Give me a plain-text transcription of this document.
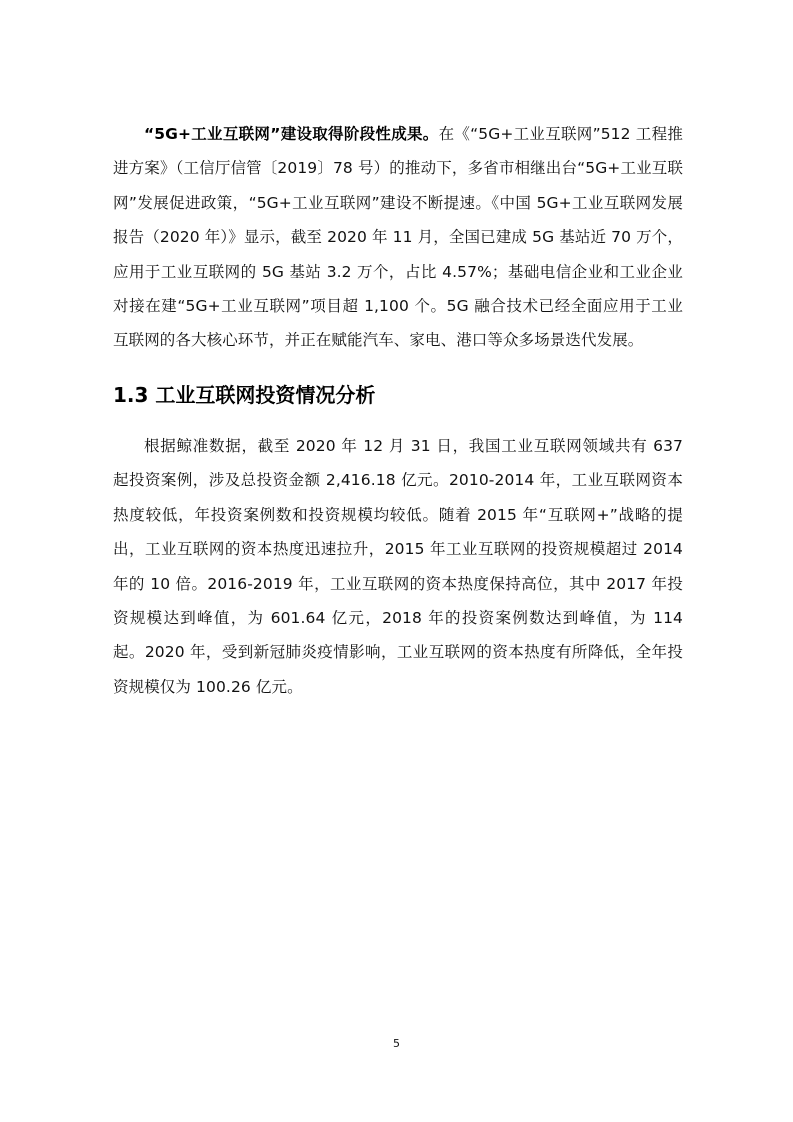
“5G+工业互联网”建设取得阶段性成果。在《“5G+工业互联网”512 工程推进方案》（工信厅信管〔2019〕78 号）的推动下，多省市相继出台“5G+工业互联网”发展促进政策，“5G+工业互联网”建设不断提速。《中国 5G+工业互联网发展报告（2020 年）》显示，截至 2020 年 11 月，全国已建成 5G 基站近 70 万个，应用于工业互联网的 5G 基站 3.2 万个，占比 4.57%；基础电信企业和工业企业对接在建“5G+工业互联网”项目超 1,100 个。5G 融合技术已经全面应用于工业互联网的各大核心环节，并正在赋能汽车、家电、港口等众多场景迭代发展。

1.3 工业互联网投资情况分析

根据鲸准数据，截至 2020 年 12 月 31 日，我国工业互联网领域共有 637 起投资案例，涉及总投资金额 2,416.18 亿元。2010-2014 年，工业互联网资本热度较低，年投资案例数和投资规模均较低。随着 2015 年“互联网+”战略的提出，工业互联网的资本热度迅速拉升，2015 年工业互联网的投资规模超过 2014 年的 10 倍。2016-2019 年，工业互联网的资本热度保持高位，其中 2017 年投资规模达到峰值，为 601.64 亿元，2018 年的投资案例数达到峰值，为 114 起。2020 年，受到新冠肺炎疫情影响，工业互联网的资本热度有所降低，全年投资规模仅为 100.26 亿元。

5
